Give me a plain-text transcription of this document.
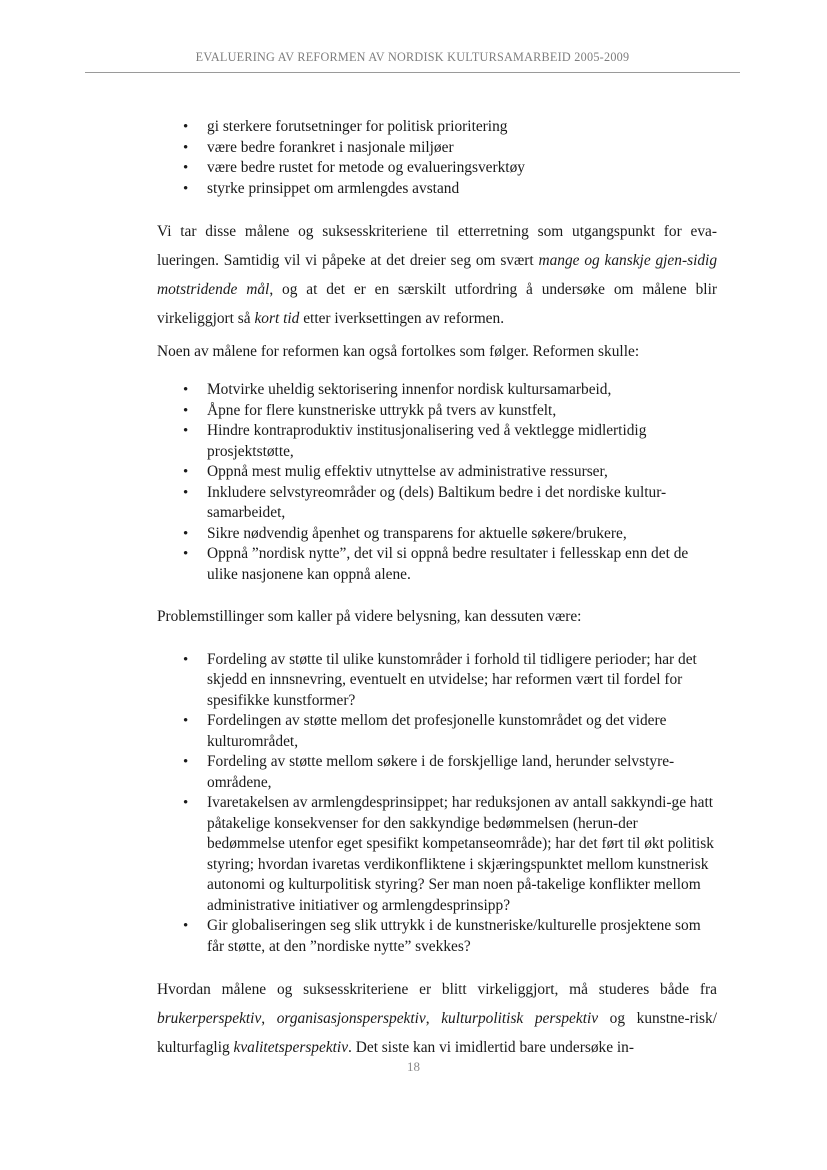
EVALUERING AV REFORMEN AV NORDISK KULTURSAMARBEID 2005-2009
• gi sterkere forutsetninger for politisk prioritering
• være bedre forankret i nasjonale miljøer
• være bedre rustet for metode og evalueringsverktøy
• styrke prinsippet om armlengdes avstand

Vi tar disse målene og suksesskriteriene til etterretning som utgangspunkt for eva-lueringen. Samtidig vil vi påpeke at det dreier seg om svært mange og kanskje gjen-sidig motstridende mål, og at det er en særskilt utfordring å undersøke om målene blir virkeliggjort så kort tid etter iverksettingen av reformen.

Noen av målene for reformen kan også fortolkes som følger. Reformen skulle:

• Motvirke uheldig sektorisering innenfor nordisk kultursamarbeid,
• Åpne for flere kunstneriske uttrykk på tvers av kunstfelt,
• Hindre kontraproduktiv institusjonalisering ved å vektlegge midlertidig prosjektstøtte,
• Oppnå mest mulig effektiv utnyttelse av administrative ressurser,
• Inkludere selvstyreområder og (dels) Baltikum bedre i det nordiske kultur-samarbeidet,
• Sikre nødvendig åpenhet og transparens for aktuelle søkere/brukere,
• Oppnå ”nordisk nytte”, det vil si oppnå bedre resultater i fellesskap enn det de ulike nasjonene kan oppnå alene.

Problemstillinger som kaller på videre belysning, kan dessuten være:

• Fordeling av støtte til ulike kunstområder i forhold til tidligere perioder; har det skjedd en innsnevring, eventuelt en utvidelse; har reformen vært til fordel for spesifikke kunstformer?
• Fordelingen av støtte mellom det profesjonelle kunstområdet og det videre kulturområdet,
• Fordeling av støtte mellom søkere i de forskjellige land, herunder selvstyre-områdene,
• Ivaretakelsen av armlengdesprinsippet; har reduksjonen av antall sakkyndi-ge hatt påtakelige konsekvenser for den sakkyndige bedømmelsen (herun-der bedømmelse utenfor eget spesifikt kompetanseområde); har det ført til økt politisk styring; hvordan ivaretas verdikonfliktene i skjæringspunktet mellom kunstnerisk autonomi og kulturpolitisk styring? Ser man noen på-takelige konflikter mellom administrative initiativer og armlengdesprinsipp?
• Gir globaliseringen seg slik uttrykk i de kunstneriske/kulturelle prosjektene som får støtte, at den ”nordiske nytte” svekkes?

Hvordan målene og suksesskriteriene er blitt virkeliggjort, må studeres både fra brukerperspektiv, organisasjonsperspektiv, kulturpolitisk perspektiv og kunstne-risk/ kulturfaglig kvalitetsperspektiv. Det siste kan vi imidlertid bare undersøke in-

18
